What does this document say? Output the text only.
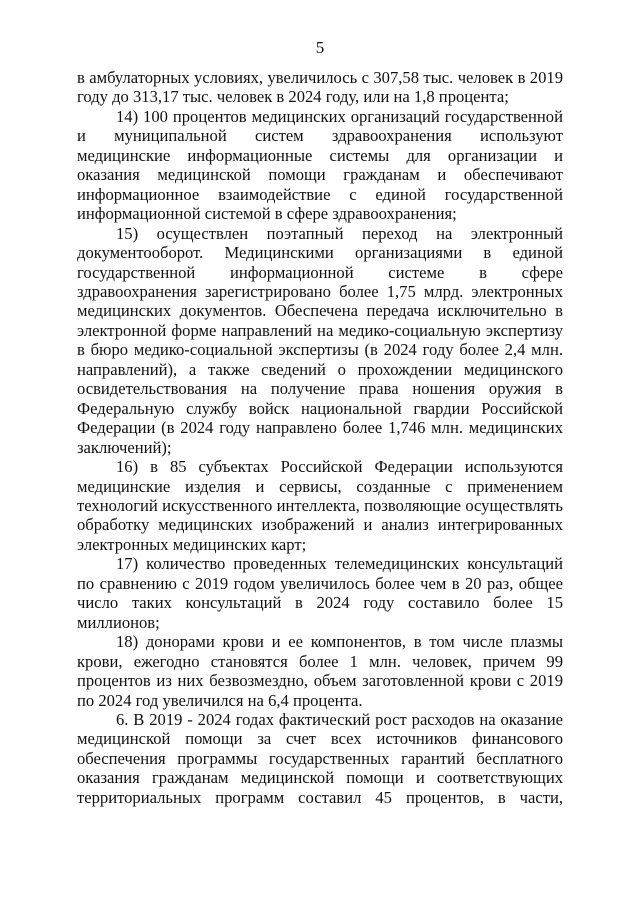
5

в амбулаторных условиях, увеличилось с 307,58 тыс. человек в 2019 году до 313,17 тыс. человек в 2024 году, или на 1,8 процента;

14) 100 процентов медицинских организаций государственной и муниципальной систем здравоохранения используют медицинские информационные системы для организации и оказания медицинской помощи гражданам и обеспечивают информационное взаимодействие с единой государственной информационной системой в сфере здравоохранения;

15) осуществлен поэтапный переход на электронный документооборот. Медицинскими организациями в единой государственной информационной системе в сфере здравоохранения зарегистрировано более 1,75 млрд. электронных медицинских документов. Обеспечена передача исключительно в электронной форме направлений на медико-социальную экспертизу в бюро медико-социальной экспертизы (в 2024 году более 2,4 млн. направлений), а также сведений о прохождении медицинского освидетельствования на получение права ношения оружия в Федеральную службу войск национальной гвардии Российской Федерации (в 2024 году направлено более 1,746 млн. медицинских заключений);

16) в 85 субъектах Российской Федерации используются медицинские изделия и сервисы, созданные с применением технологий искусственного интеллекта, позволяющие осуществлять обработку медицинских изображений и анализ интегрированных электронных медицинских карт;

17) количество проведенных телемедицинских консультаций по сравнению с 2019 годом увеличилось более чем в 20 раз, общее число таких консультаций в 2024 году составило более 15 миллионов;

18) донорами крови и ее компонентов, в том числе плазмы крови, ежегодно становятся более 1 млн. человек, причем 99 процентов из них безвозмездно, объем заготовленной крови с 2019 по 2024 год увеличился на 6,4 процента.

6. В 2019 - 2024 годах фактический рост расходов на оказание медицинской помощи за счет всех источников финансового обеспечения программы государственных гарантий бесплатного оказания гражданам медицинской помощи и соответствующих территориальных программ составил 45 процентов, в части,
